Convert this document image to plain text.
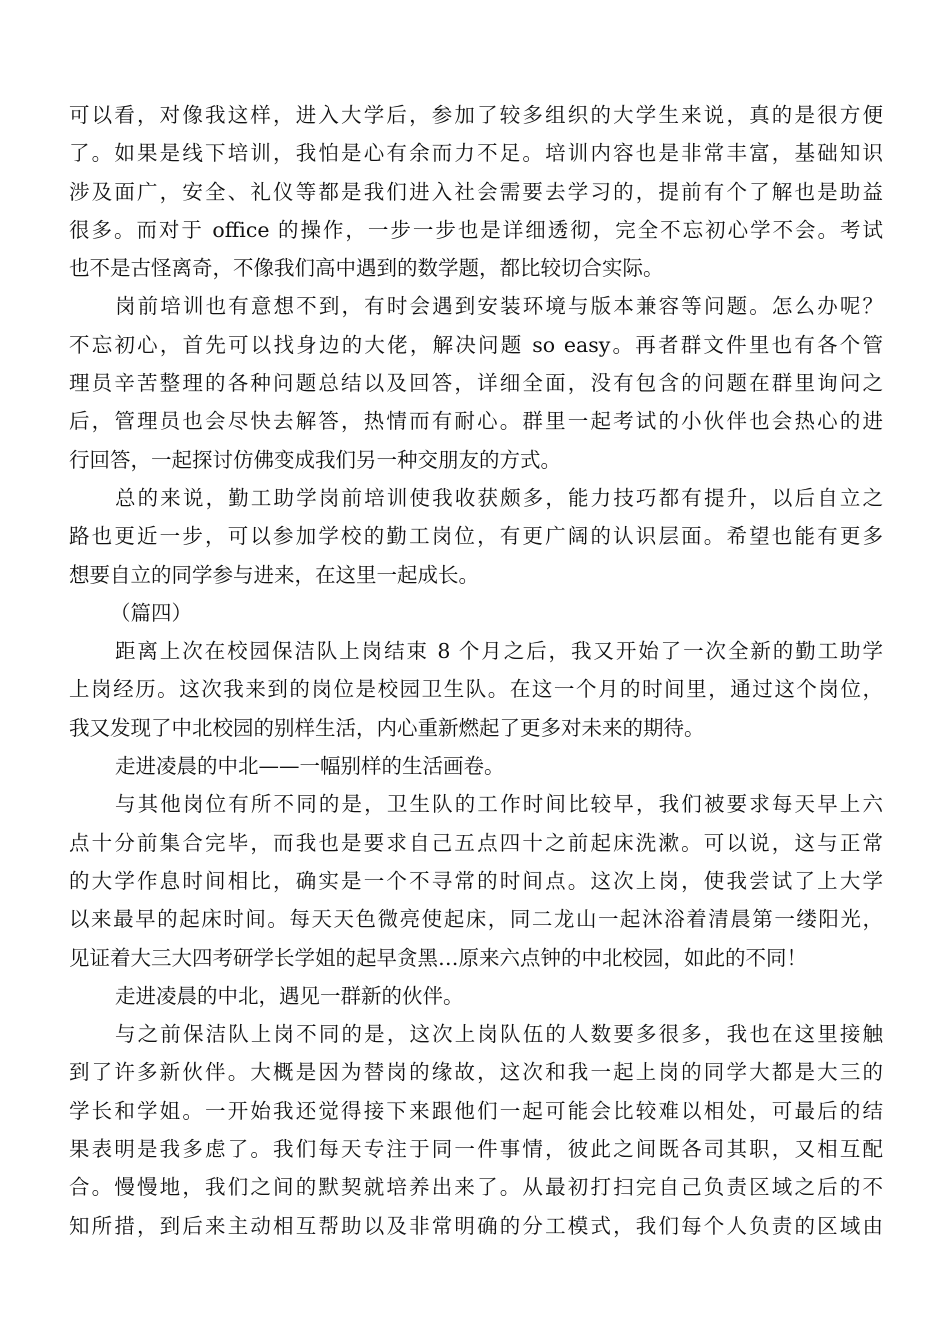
可以看，对像我这样，进入大学后，参加了较多组织的大学生来说，真的是很方便
了。如果是线下培训，我怕是心有余而力不足。培训内容也是非常丰富，基础知识
涉及面广，安全、礼仪等都是我们进入社会需要去学习的，提前有个了解也是助益
很多。而对于 office 的操作，一步一步也是详细透彻，完全不忘初心学不会。考试
也不是古怪离奇，不像我们高中遇到的数学题，都比较切合实际。
岗前培训也有意想不到，有时会遇到安装环境与版本兼容等问题。怎么办呢？
不忘初心，首先可以找身边的大佬，解决问题 so easy。再者群文件里也有各个管
理员辛苦整理的各种问题总结以及回答，详细全面，没有包含的问题在群里询问之
后，管理员也会尽快去解答，热情而有耐心。群里一起考试的小伙伴也会热心的进
行回答，一起探讨仿佛变成我们另一种交朋友的方式。
总的来说，勤工助学岗前培训使我收获颇多，能力技巧都有提升，以后自立之
路也更近一步，可以参加学校的勤工岗位，有更广阔的认识层面。希望也能有更多
想要自立的同学参与进来，在这里一起成长。
（篇四）
距离上次在校园保洁队上岗结束 8 个月之后，我又开始了一次全新的勤工助学
上岗经历。这次我来到的岗位是校园卫生队。在这一个月的时间里，通过这个岗位，
我又发现了中北校园的别样生活，内心重新燃起了更多对未来的期待。
走进凌晨的中北——一幅别样的生活画卷。
与其他岗位有所不同的是，卫生队的工作时间比较早，我们被要求每天早上六
点十分前集合完毕，而我也是要求自己五点四十之前起床洗漱。可以说，这与正常
的大学作息时间相比，确实是一个不寻常的时间点。这次上岗，使我尝试了上大学
以来最早的起床时间。每天天色微亮使起床，同二龙山一起沐浴着清晨第一缕阳光，
见证着大三大四考研学长学姐的起早贪黑…原来六点钟的中北校园，如此的不同！
走进凌晨的中北，遇见一群新的伙伴。
与之前保洁队上岗不同的是，这次上岗队伍的人数要多很多，我也在这里接触
到了许多新伙伴。大概是因为替岗的缘故，这次和我一起上岗的同学大都是大三的
学长和学姐。一开始我还觉得接下来跟他们一起可能会比较难以相处，可最后的结
果表明是我多虑了。我们每天专注于同一件事情，彼此之间既各司其职，又相互配
合。慢慢地，我们之间的默契就培养出来了。从最初打扫完自己负责区域之后的不
知所措，到后来主动相互帮助以及非常明确的分工模式，我们每个人负责的区域由
